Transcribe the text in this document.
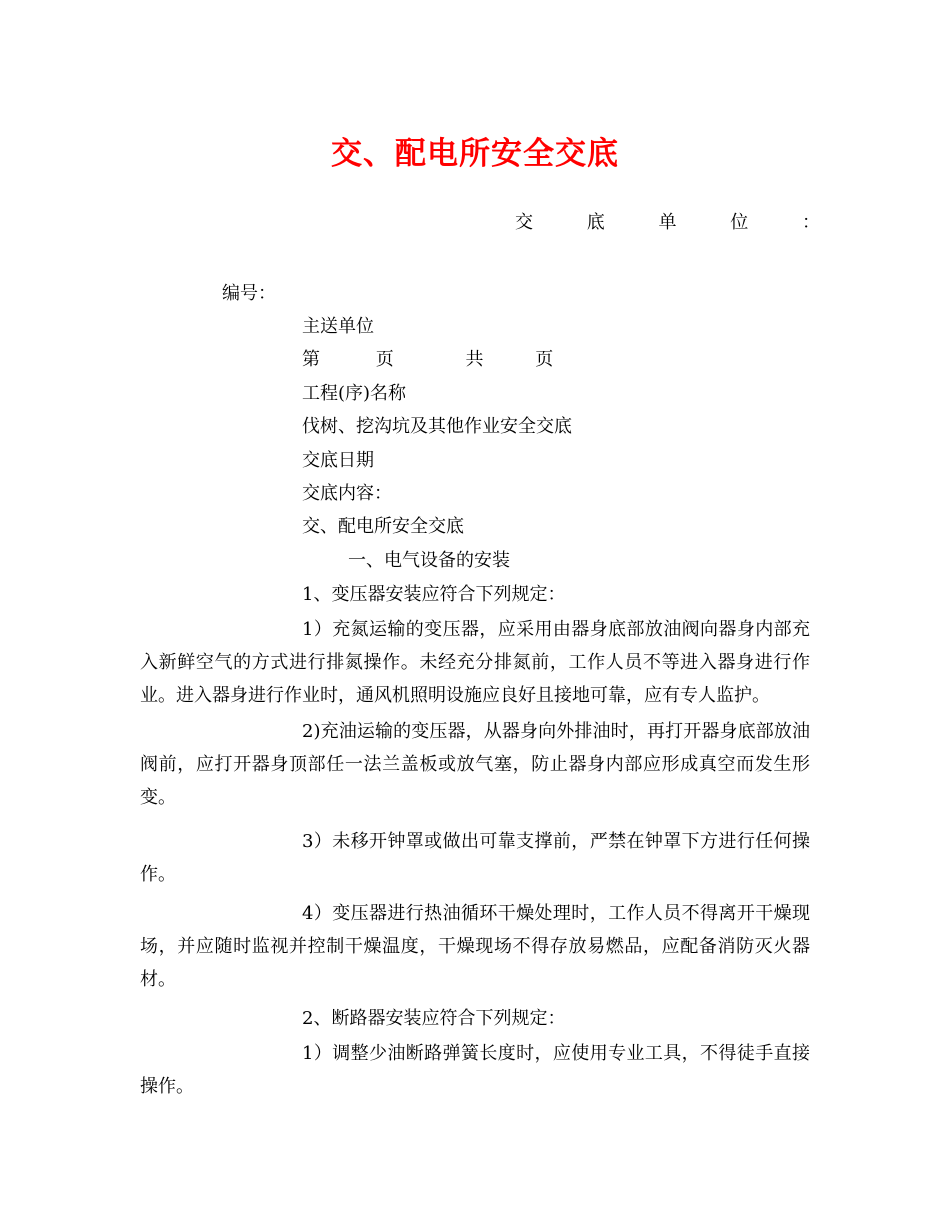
交、配电所安全交底
交	底	单	位	：
编号：
主送单位
第	页	共	页
工程(序)名称
伐树、挖沟坑及其他作业安全交底
交底日期
交底内容：
交、配电所安全交底
一、电气设备的安装
1、变压器安装应符合下列规定：

1）充氮运输的变压器，应采用由器身底部放油阀向器身内部充入新鲜空气的方式进行排氮操作。未经充分排氮前，工作人员不等进入器身进行作业。进入器身进行作业时，通风机照明设施应良好且接地可靠，应有专人监护。

2)充油运输的变压器，从器身向外排油时，再打开器身底部放油阀前，应打开器身顶部任一法兰盖板或放气塞，防止器身内部应形成真空而发生形变。

3）未移开钟罩或做出可靠支撑前，严禁在钟罩下方进行任何操作。

4）变压器进行热油循环干燥处理时，工作人员不得离开干燥现场，并应随时监视并控制干燥温度，干燥现场不得存放易燃品，应配备消防灭火器材。

2、断路器安装应符合下列规定：

1）调整少油断路弹簧长度时，应使用专业工具，不得徒手直接操作。
